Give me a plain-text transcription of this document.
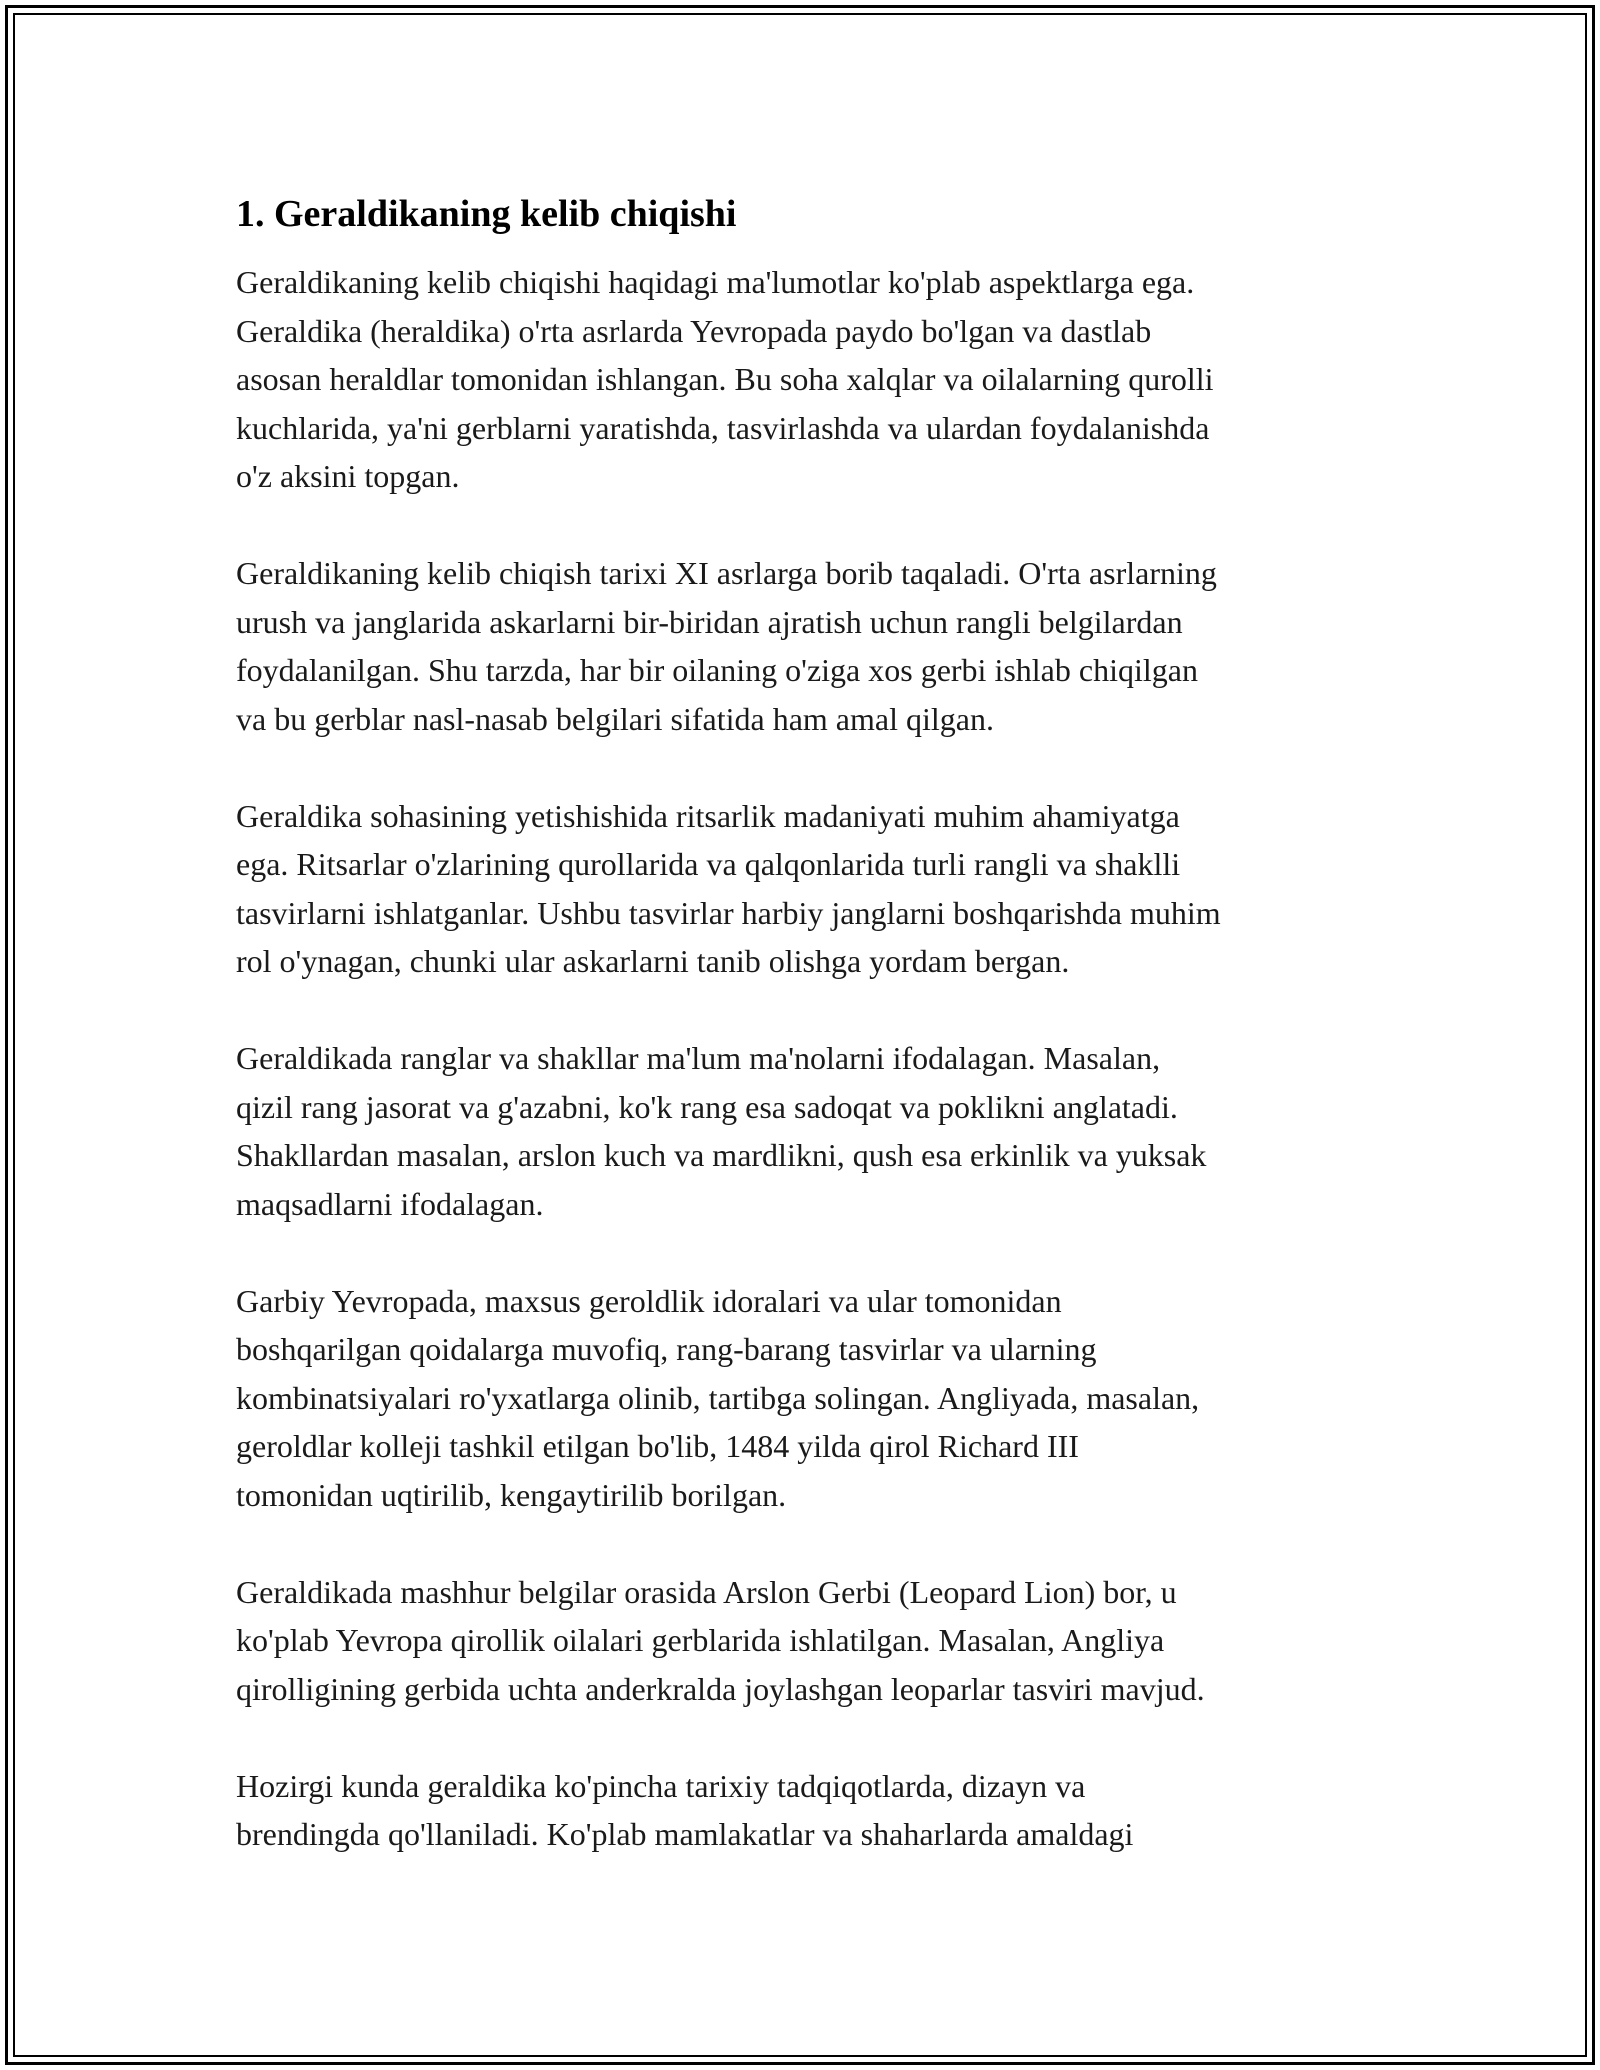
1. Geraldikaning kelib chiqishi

Geraldikaning kelib chiqishi haqidagi ma'lumotlar ko'plab aspektlarga ega.
Geraldika (heraldika) o'rta asrlarda Yevropada paydo bo'lgan va dastlab
asosan heraldlar tomonidan ishlangan. Bu soha xalqlar va oilalarning qurolli
kuchlarida, ya'ni gerblarni yaratishda, tasvirlashda va ulardan foydalanishda
o'z aksini topgan.

Geraldikaning kelib chiqish tarixi XI asrlarga borib taqaladi. O'rta asrlarning
urush va janglarida askarlarni bir-biridan ajratish uchun rangli belgilardan
foydalanilgan. Shu tarzda, har bir oilaning o'ziga xos gerbi ishlab chiqilgan
va bu gerblar nasl-nasab belgilari sifatida ham amal qilgan.

Geraldika sohasining yetishishida ritsarlik madaniyati muhim ahamiyatga
ega. Ritsarlar o'zlarining qurollarida va qalqonlarida turli rangli va shaklli
tasvirlarni ishlatganlar. Ushbu tasvirlar harbiy janglarni boshqarishda muhim
rol o'ynagan, chunki ular askarlarni tanib olishga yordam bergan.

Geraldikada ranglar va shakllar ma'lum ma'nolarni ifodalagan. Masalan,
qizil rang jasorat va g'azabni, ko'k rang esa sadoqat va poklikni anglatadi.
Shakllardan masalan, arslon kuch va mardlikni, qush esa erkinlik va yuksak
maqsadlarni ifodalagan.

Garbiy Yevropada, maxsus geroldlik idoralari va ular tomonidan
boshqarilgan qoidalarga muvofiq, rang-barang tasvirlar va ularning
kombinatsiyalari ro'yxatlarga olinib, tartibga solingan. Angliyada, masalan,
geroldlar kolleji tashkil etilgan bo'lib, 1484 yilda qirol Richard III
tomonidan uqtirilib, kengaytirilib borilgan.

Geraldikada mashhur belgilar orasida Arslon Gerbi (Leopard Lion) bor, u
ko'plab Yevropa qirollik oilalari gerblarida ishlatilgan. Masalan, Angliya
qirolligining gerbida uchta anderkralda joylashgan leoparlar tasviri mavjud.

Hozirgi kunda geraldika ko'pincha tarixiy tadqiqotlarda, dizayn va
brendingda qo'llaniladi. Ko'plab mamlakatlar va shaharlarda amaldagi
